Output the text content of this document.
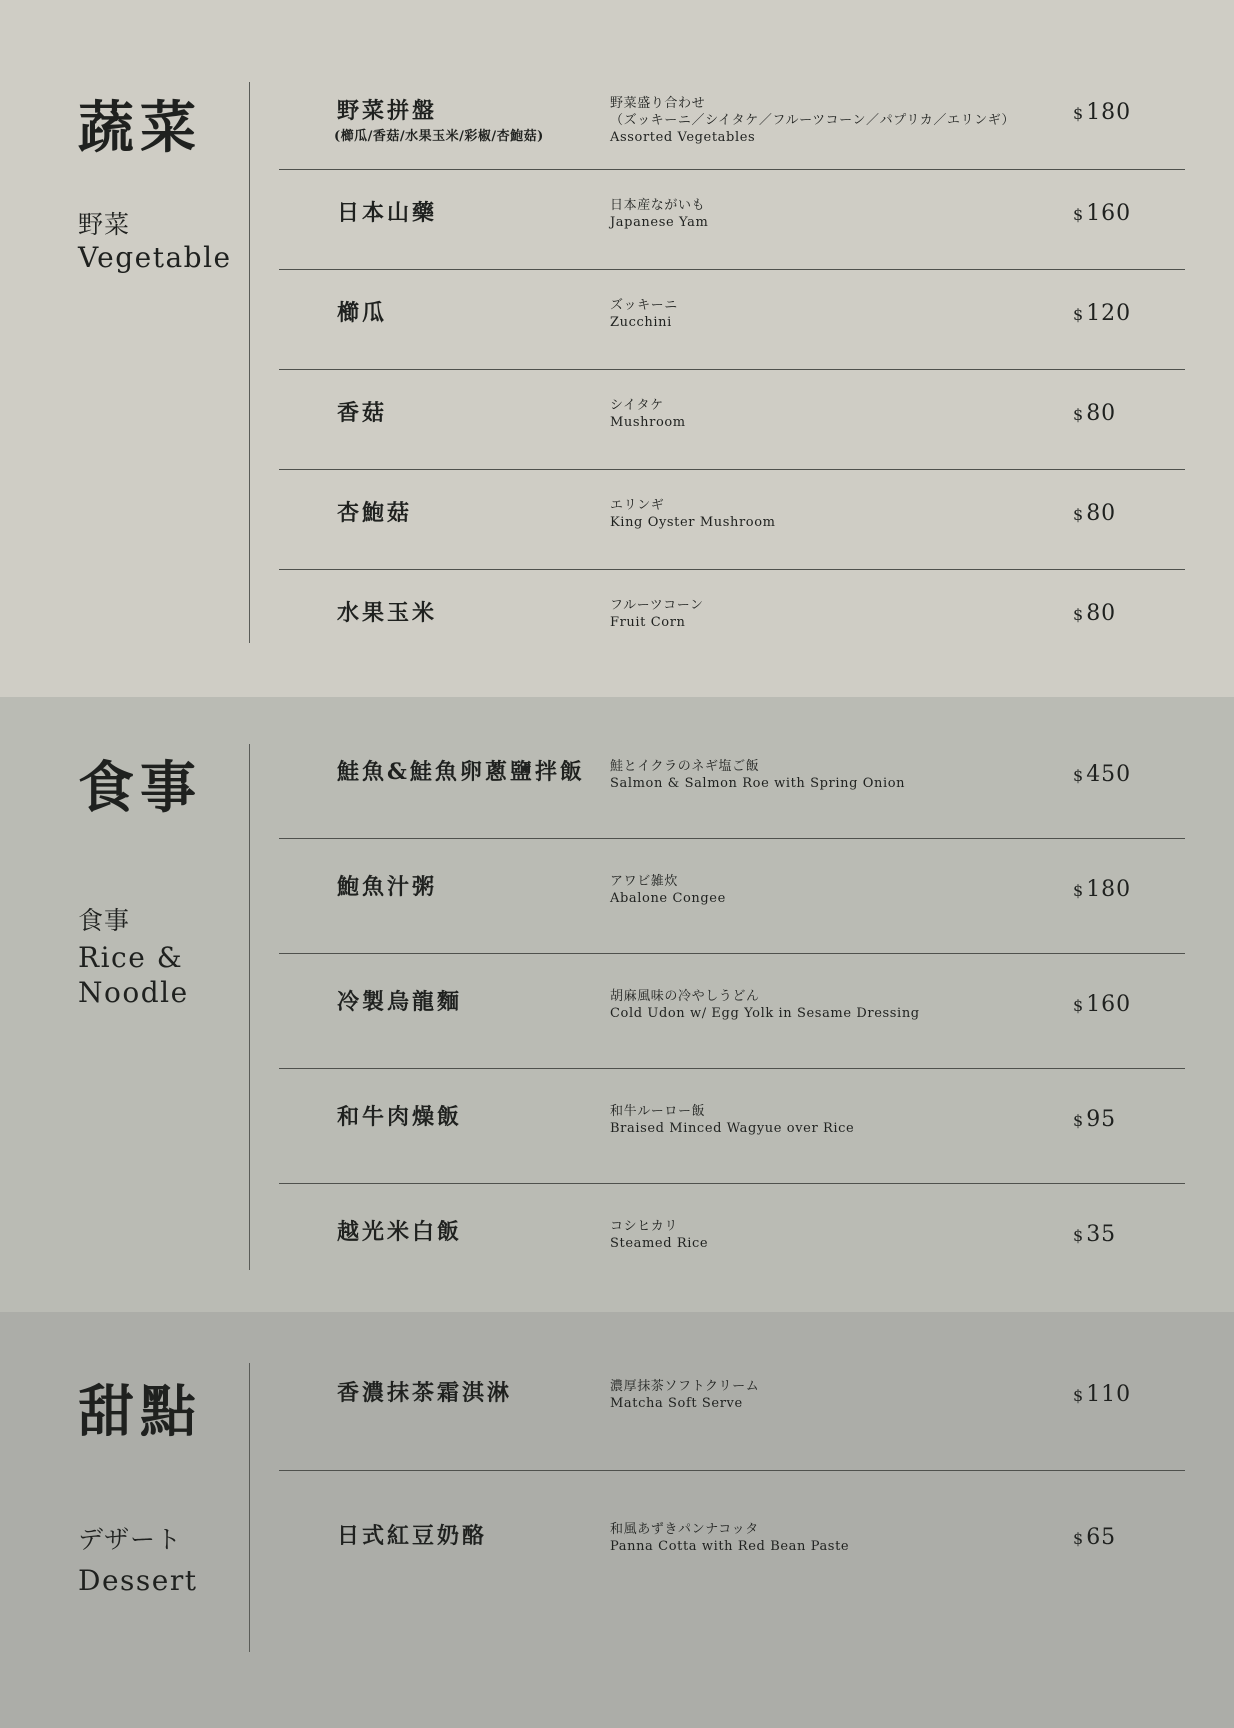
蔬菜
野菜
Vegetable
野菜拼盤

(櫛瓜/香菇/水果玉米/彩椒/杏鮑菇)

野菜盛り合わせ
（ズッキーニ／シイタケ／フルーツコーン／パプリカ／エリンギ）
Assorted Vegetables

$180

日本山藥	日本産ながいも
Japanese Yam	$160

櫛瓜	ズッキーニ
Zucchini	$120

香菇	シイタケ
Mushroom	$80

杏鮑菇	エリンギ
King Oyster Mushroom	$80

水果玉米	フルーツコーン
Fruit Corn	$80

食事
食事
Rice &
Noodle
鮭魚&鮭魚卵蔥鹽拌飯 鮭とイクラのネギ塩ご飯
Salmon & Salmon Roe with Spring Onion	$450

鮑魚汁粥	アワビ雑炊
Abalone Congee	$180

冷製烏龍麵	胡麻風味の冷やしうどん
Cold Udon w/ Egg Yolk in Sesame Dressing	$160

和牛肉燥飯	和牛ルーロー飯
Braised Minced Wagyue over Rice	$95

越光米白飯	コシヒカリ
Steamed Rice	$35

甜點
デザート
Dessert
香濃抹茶霜淇淋	濃厚抹茶ソフトクリーム
Matcha Soft Serve	$110

日式紅豆奶酪	和風あずきパンナコッタ
Panna Cotta with Red Bean Paste	$65
